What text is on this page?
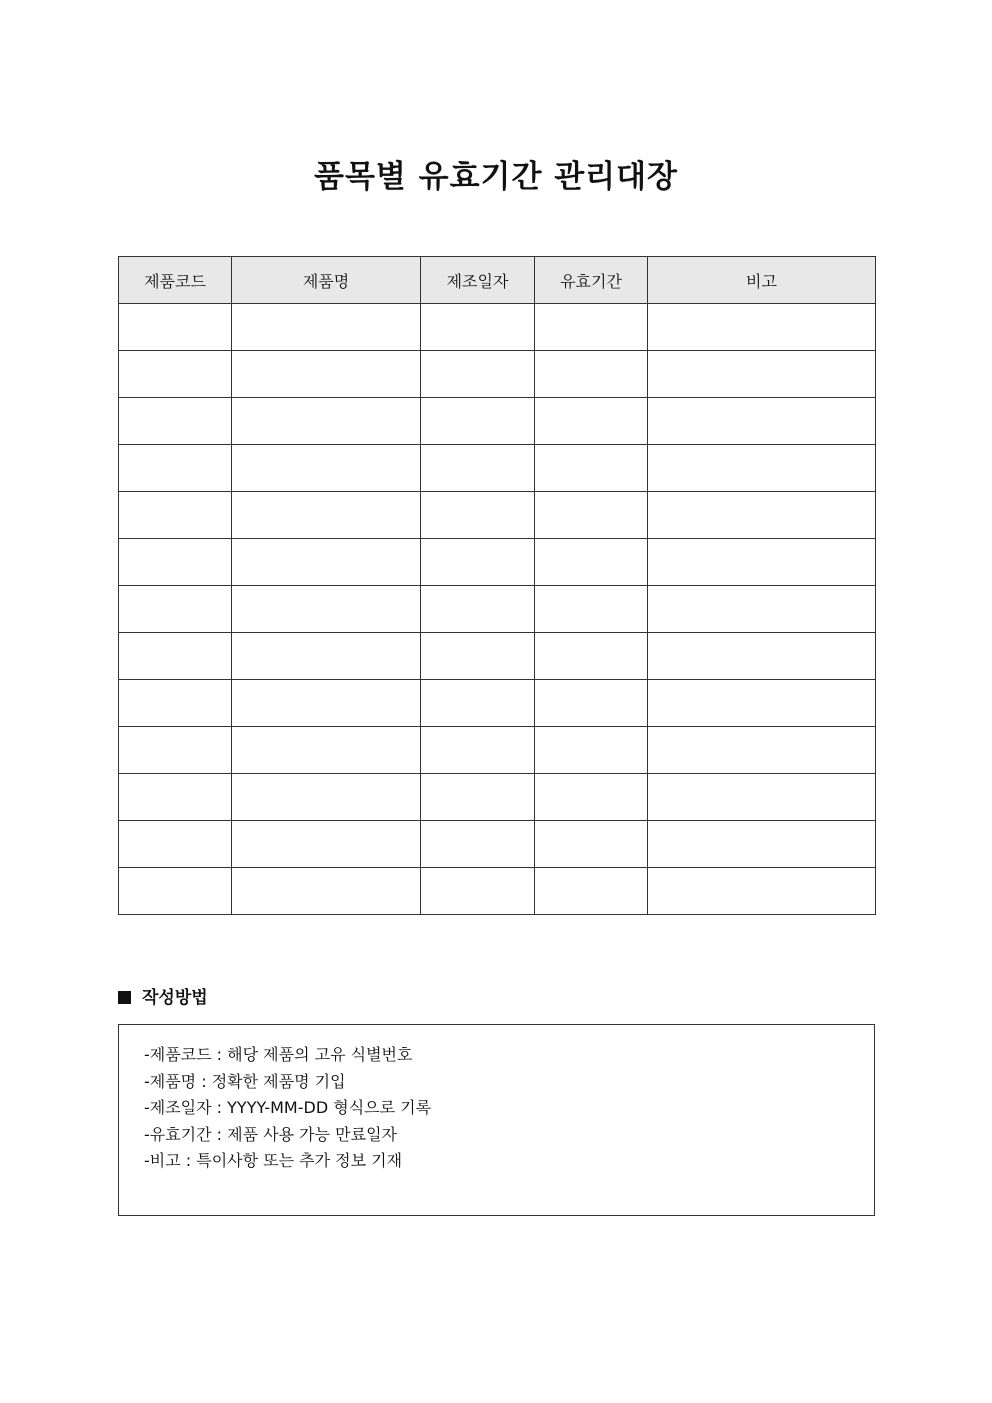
품목별 유효기간 관리대장
제품코드	제품명	제조일자	유효기간	비고

작성방법
-제품코드 : 해당 제품의 고유 식별번호
-제품명 : 정확한 제품명 기입
-제조일자 : YYYY-MM-DD 형식으로 기록
-유효기간 : 제품 사용 가능 만료일자
-비고 : 특이사항 또는 추가 정보 기재
